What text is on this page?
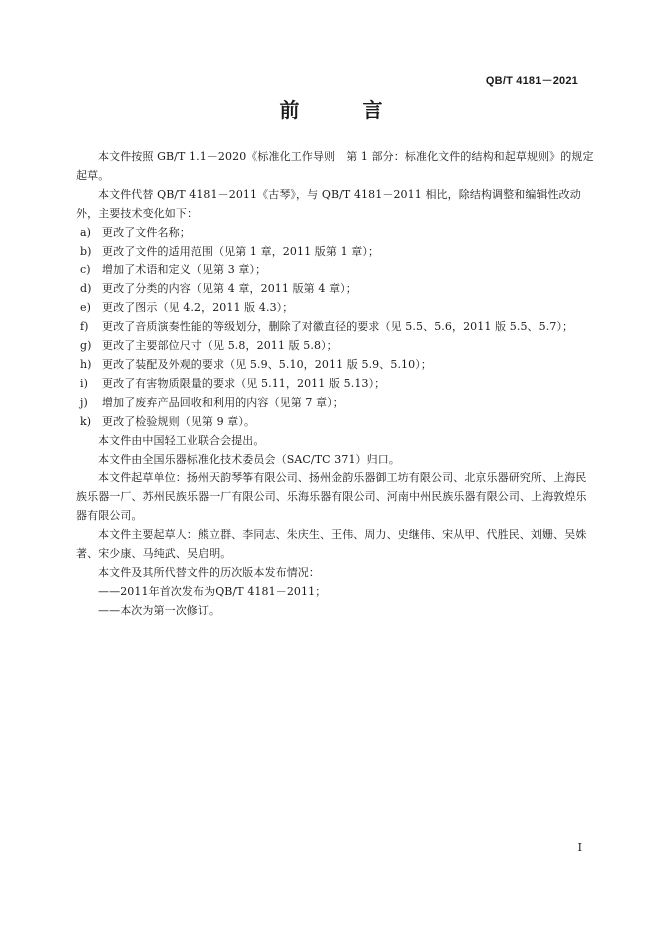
QB/T 4181－2021
前 言

本文件按照 GB/T 1.1－2020《标准化工作导则　第 1 部分：标准化文件的结构和起草规则》的规定起草。

本文件代替 QB/T 4181－2011《古琴》，与 QB/T 4181－2011 相比，除结构调整和编辑性改动外，主要技术变化如下：

a) 更改了文件名称；

b) 更改了文件的适用范围（见第 1 章，2011 版第 1 章）；

c) 增加了术语和定义（见第 3 章）；

d) 更改了分类的内容（见第 4 章，2011 版第 4 章）；

e) 更改了图示（见 4.2，2011 版 4.3）；

f) 更改了音质演奏性能的等级划分，删除了对徽直径的要求（见 5.5、5.6，2011 版 5.5、5.7）；

g) 更改了主要部位尺寸（见 5.8，2011 版 5.8）；

h) 更改了装配及外观的要求（见 5.9、5.10，2011 版 5.9、5.10）；

i) 更改了有害物质限量的要求（见 5.11，2011 版 5.13）；

j) 增加了废弃产品回收和利用的内容（见第 7 章）；

k) 更改了检验规则（见第 9 章）。

本文件由中国轻工业联合会提出。

本文件由全国乐器标准化技术委员会（SAC/TC 371）归口。

本文件起草单位：扬州天韵琴筝有限公司、扬州金韵乐器御工坊有限公司、北京乐器研究所、上海民族乐器一厂、苏州民族乐器一厂有限公司、乐海乐器有限公司、河南中州民族乐器有限公司、上海敦煌乐器有限公司。

本文件主要起草人：熊立群、李同志、朱庆生、王伟、周力、史继伟、宋从甲、代胜民、刘姗、吴姝著、宋少康、马纯武、吴启明。

本文件及其所代替文件的历次版本发布情况：

——2011年首次发布为QB/T 4181－2011；

——本次为第一次修订。

I
